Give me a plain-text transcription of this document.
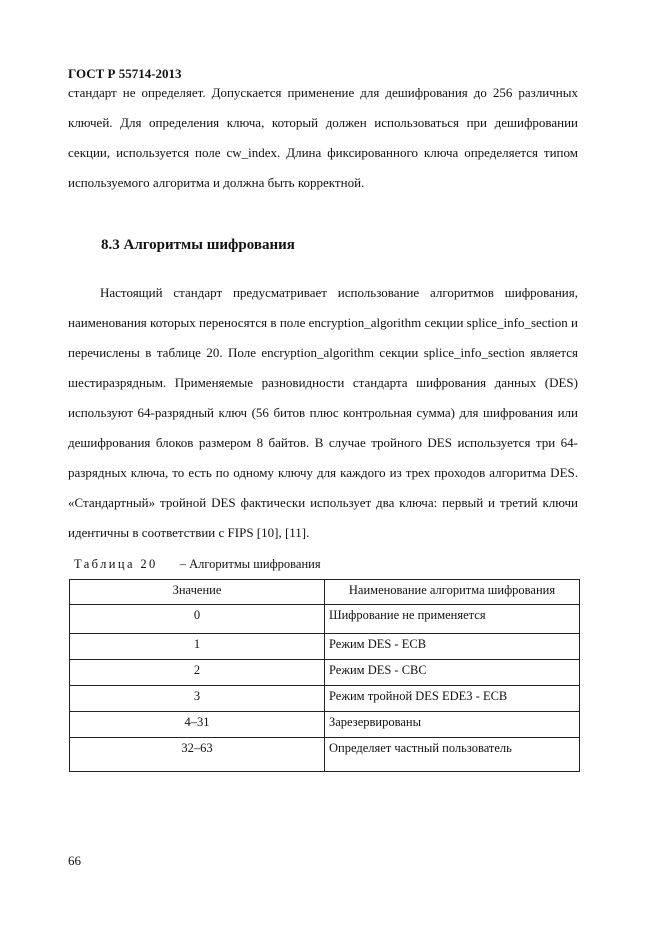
ГОСТ Р 55714-2013

стандарт не определяет. Допускается применение для дешифрования до 256 различных ключей. Для определения ключа, который должен использоваться при дешифровании секции, используется поле cw_index. Длина фиксированного ключа определяется типом используемого алгоритма и должна быть корректной.

8.3 Алгоритмы шифрования

Настоящий стандарт предусматривает использование алгоритмов шифрования, наименования которых переносятся в поле encryption_algorithm секции splice_info_section и перечислены в таблице 20. Поле encryption_algorithm секции splice_info_section является шестиразрядным. Применяемые разновидности стандарта шифрования данных (DES) используют 64-разрядный ключ (56 битов плюс контрольная сумма) для шифрования или дешифрования блоков размером 8 байтов. В случае тройного DES используется три 64-разрядных ключа, то есть по одному ключу для каждого из трех проходов алгоритма DES. «Стандартный» тройной DES фактически использует два ключа: первый и третий ключи идентичны в соответствии с FIPS [10], [11].

Таблица 20 – Алгоритмы шифрования
Значение	Наименование алгоритма шифрования
0	Шифрование не применяется
1	Режим DES - ECB
2	Режим DES - CBC
3	Режим тройной DES EDE3 - ECB
4–31	Зарезервированы
32–63	Определяет частный пользователь
66
